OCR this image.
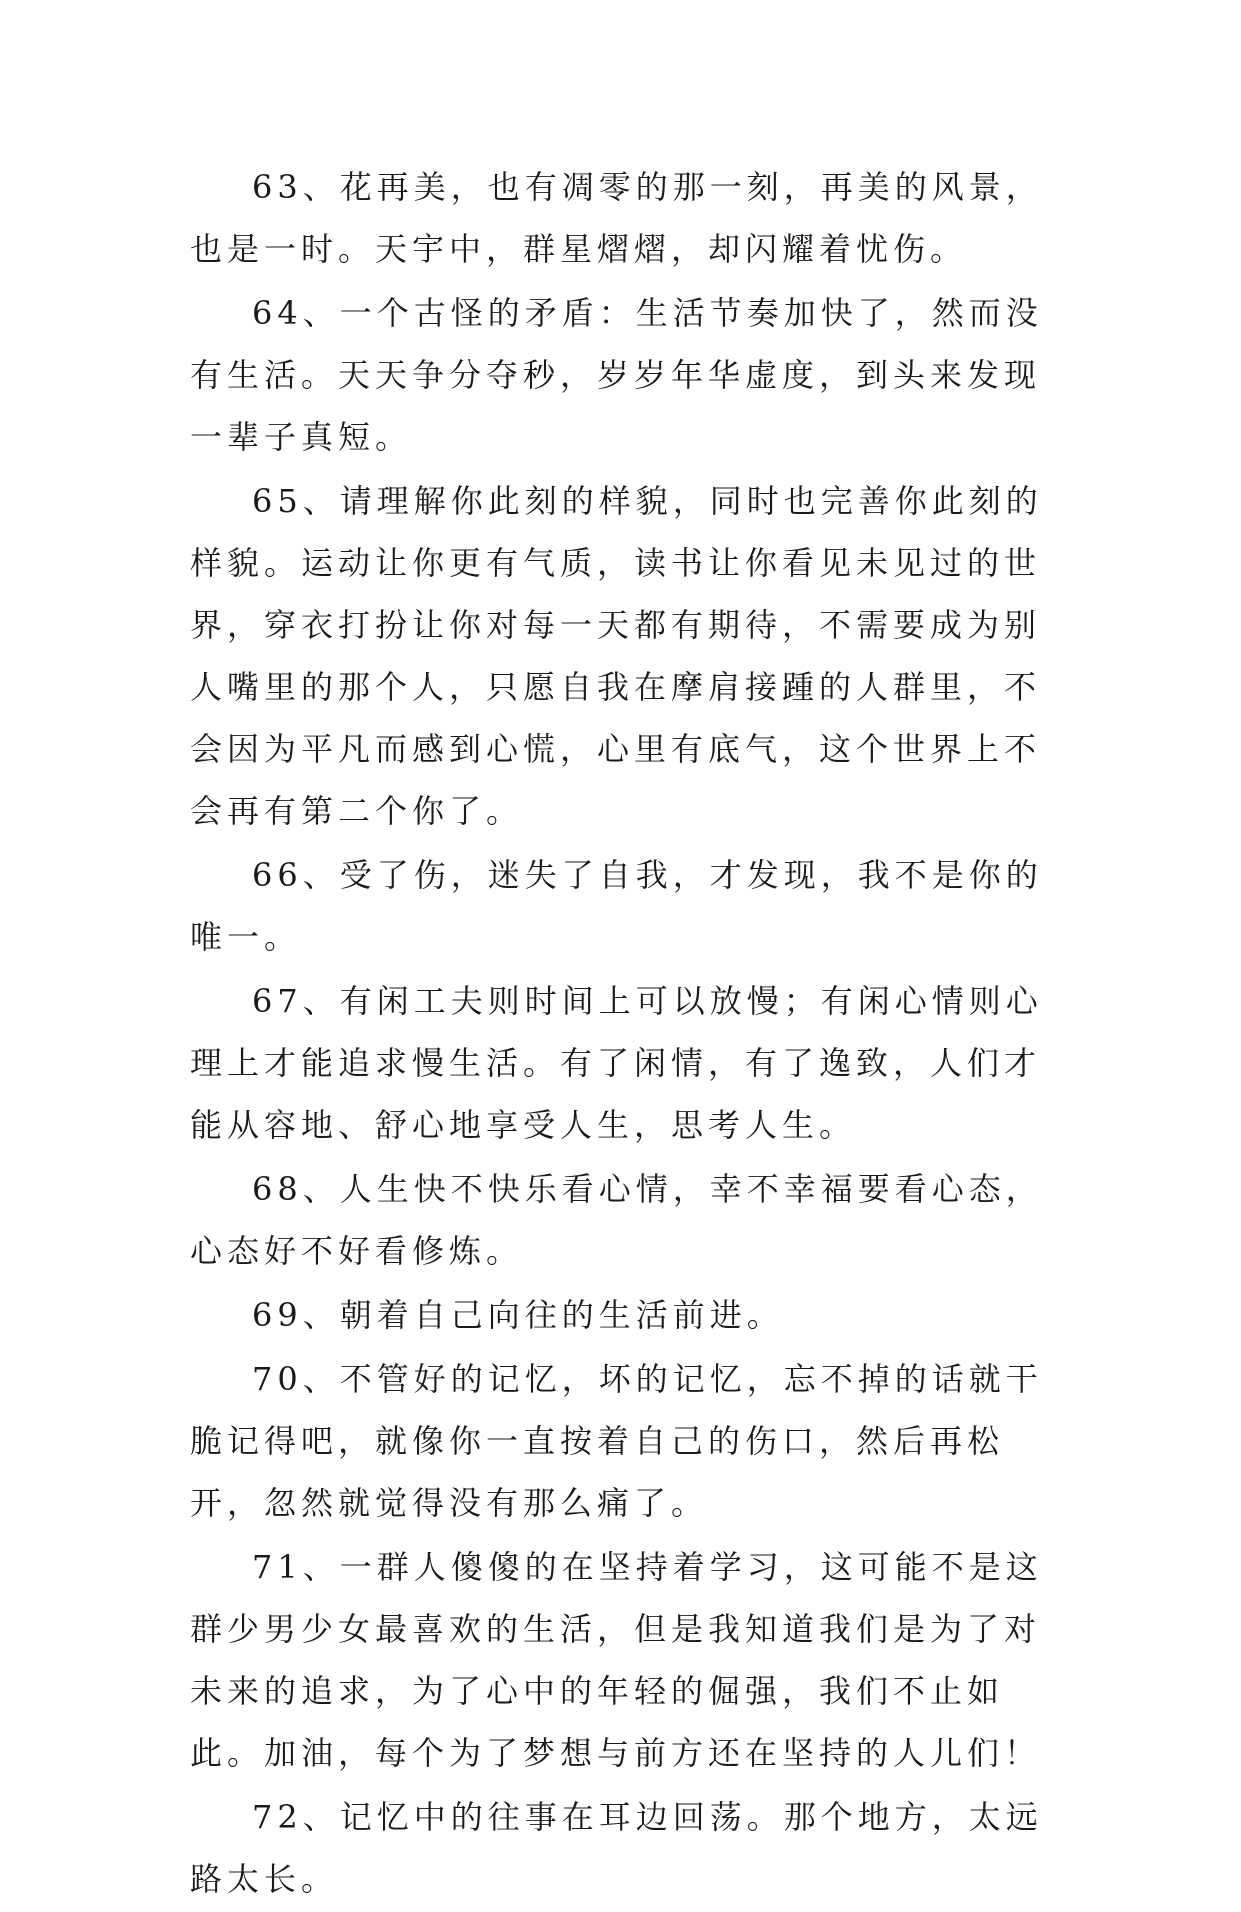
63、花再美，也有凋零的那一刻，再美的风景，也是一时。天宇中，群星熠熠，却闪耀着忧伤。

64、一个古怪的矛盾：生活节奏加快了，然而没有生活。天天争分夺秒，岁岁年华虚度，到头来发现一辈子真短。

65、请理解你此刻的样貌，同时也完善你此刻的样貌。运动让你更有气质，读书让你看见未见过的世界，穿衣打扮让你对每一天都有期待，不需要成为别人嘴里的那个人，只愿自我在摩肩接踵的人群里，不会因为平凡而感到心慌，心里有底气，这个世界上不会再有第二个你了。

66、受了伤，迷失了自我，才发现，我不是你的唯一。

67、有闲工夫则时间上可以放慢；有闲心情则心理上才能追求慢生活。有了闲情，有了逸致，人们才能从容地、舒心地享受人生，思考人生。

68、人生快不快乐看心情，幸不幸福要看心态，心态好不好看修炼。

69、朝着自己向往的生活前进。

70、不管好的记忆，坏的记忆，忘不掉的话就干脆记得吧，就像你一直按着自己的伤口，然后再松开，忽然就觉得没有那么痛了。

71、一群人傻傻的在坚持着学习，这可能不是这群少男少女最喜欢的生活，但是我知道我们是为了对未来的追求，为了心中的年轻的倔强，我们不止如此。加油，每个为了梦想与前方还在坚持的人儿们！

72、记忆中的往事在耳边回荡。那个地方，太远路太长。
